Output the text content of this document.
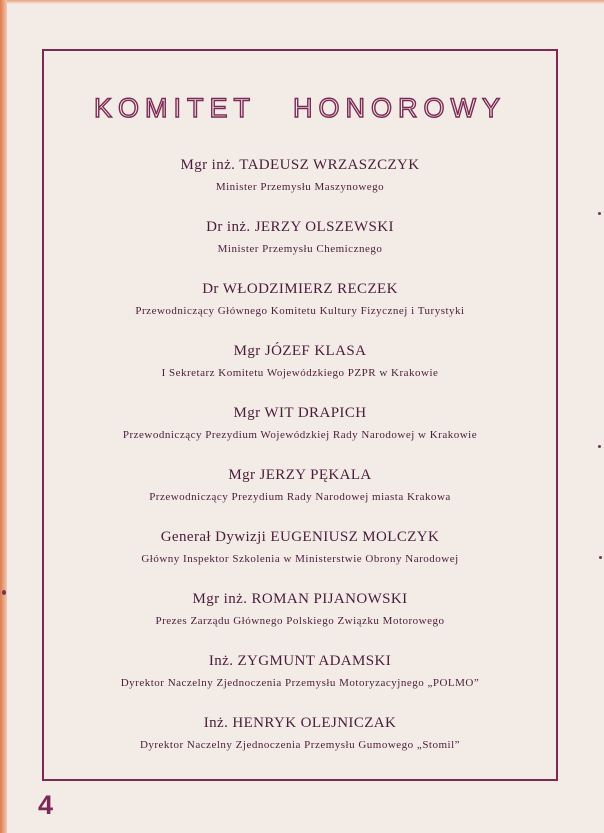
KOMITET HONOROWY
Mgr inż. TADEUSZ WRZASZCZYK
Minister Przemysłu Maszynowego
Dr inż. JERZY OLSZEWSKI
Minister Przemysłu Chemicznego
Dr WŁODZIMIERZ RECZEK
Przewodniczący Głównego Komitetu Kultury Fizycznej i Turystyki
Mgr JÓZEF KLASA
I Sekretarz Komitetu Wojewódzkiego PZPR w Krakowie
Mgr WIT DRAPICH
Przewodniczący Prezydium Wojewódzkiej Rady Narodowej w Krakowie
Mgr JERZY PĘKALA
Przewodniczący Prezydium Rady Narodowej miasta Krakowa
Generał Dywizji EUGENIUSZ MOLCZYK
Główny Inspektor Szkolenia w Ministerstwie Obrony Narodowej
Mgr inż. ROMAN PIJANOWSKI
Prezes Zarządu Głównego Polskiego Związku Motorowego
Inż. ZYGMUNT ADAMSKI
Dyrektor Naczelny Zjednoczenia Przemysłu Motoryzacyjnego „POLMO”
Inż. HENRYK OLEJNICZAK
Dyrektor Naczelny Zjednoczenia Przemysłu Gumowego „Stomil”
4
